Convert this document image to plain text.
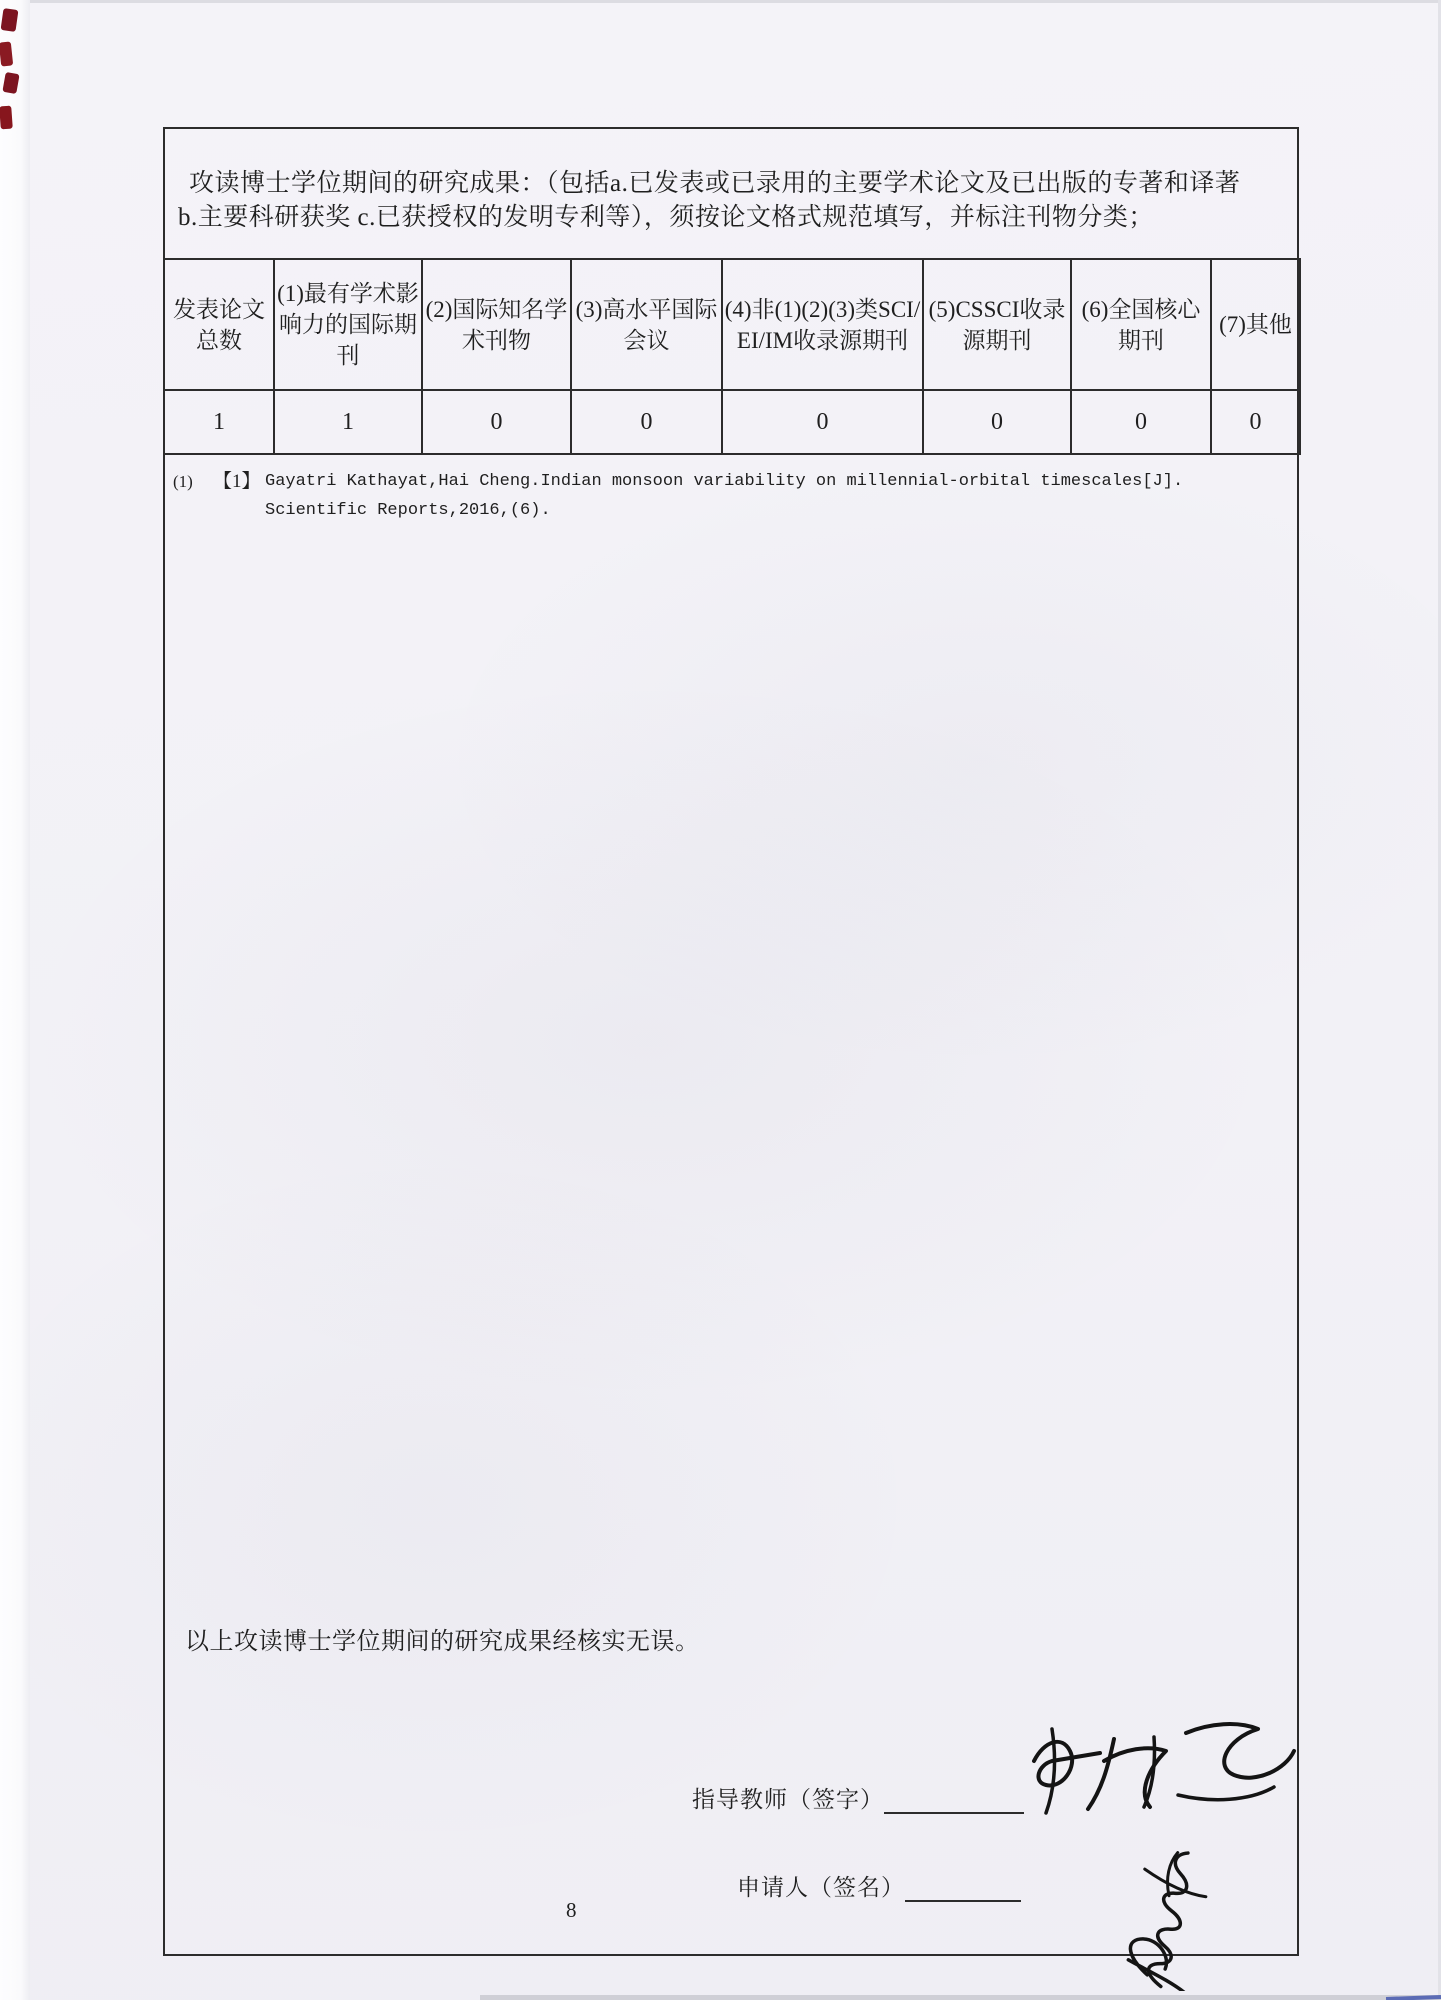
攻读博士学位期间的研究成果：（包括a.已发表或已录用的主要学术论文及已出版的专著和译著
b.主要科研获奖 c.已获授权的发明专利等），须按论文格式规范填写，并标注刊物分类；
发表论文总数	(1)最有学术影响力的国际期刊	(2)国际知名学术刊物	(3)高水平国际会议	(4)非(1)(2)(3)类SCI/EI/IM收录源期刊	(5)CSSCI收录源期刊	(6)全国核心期刊	(7)其他
1	1	0	0	0	0	0	0
(1)	【1】 Gayatri Kathayat,Hai Cheng.Indian monsoon variability on millennial-orbital timescales[J].
Scientific Reports,2016,(6).
以上攻读博士学位期间的研究成果经核实无误。
指导教师（签字）
申请人（签名）
8
